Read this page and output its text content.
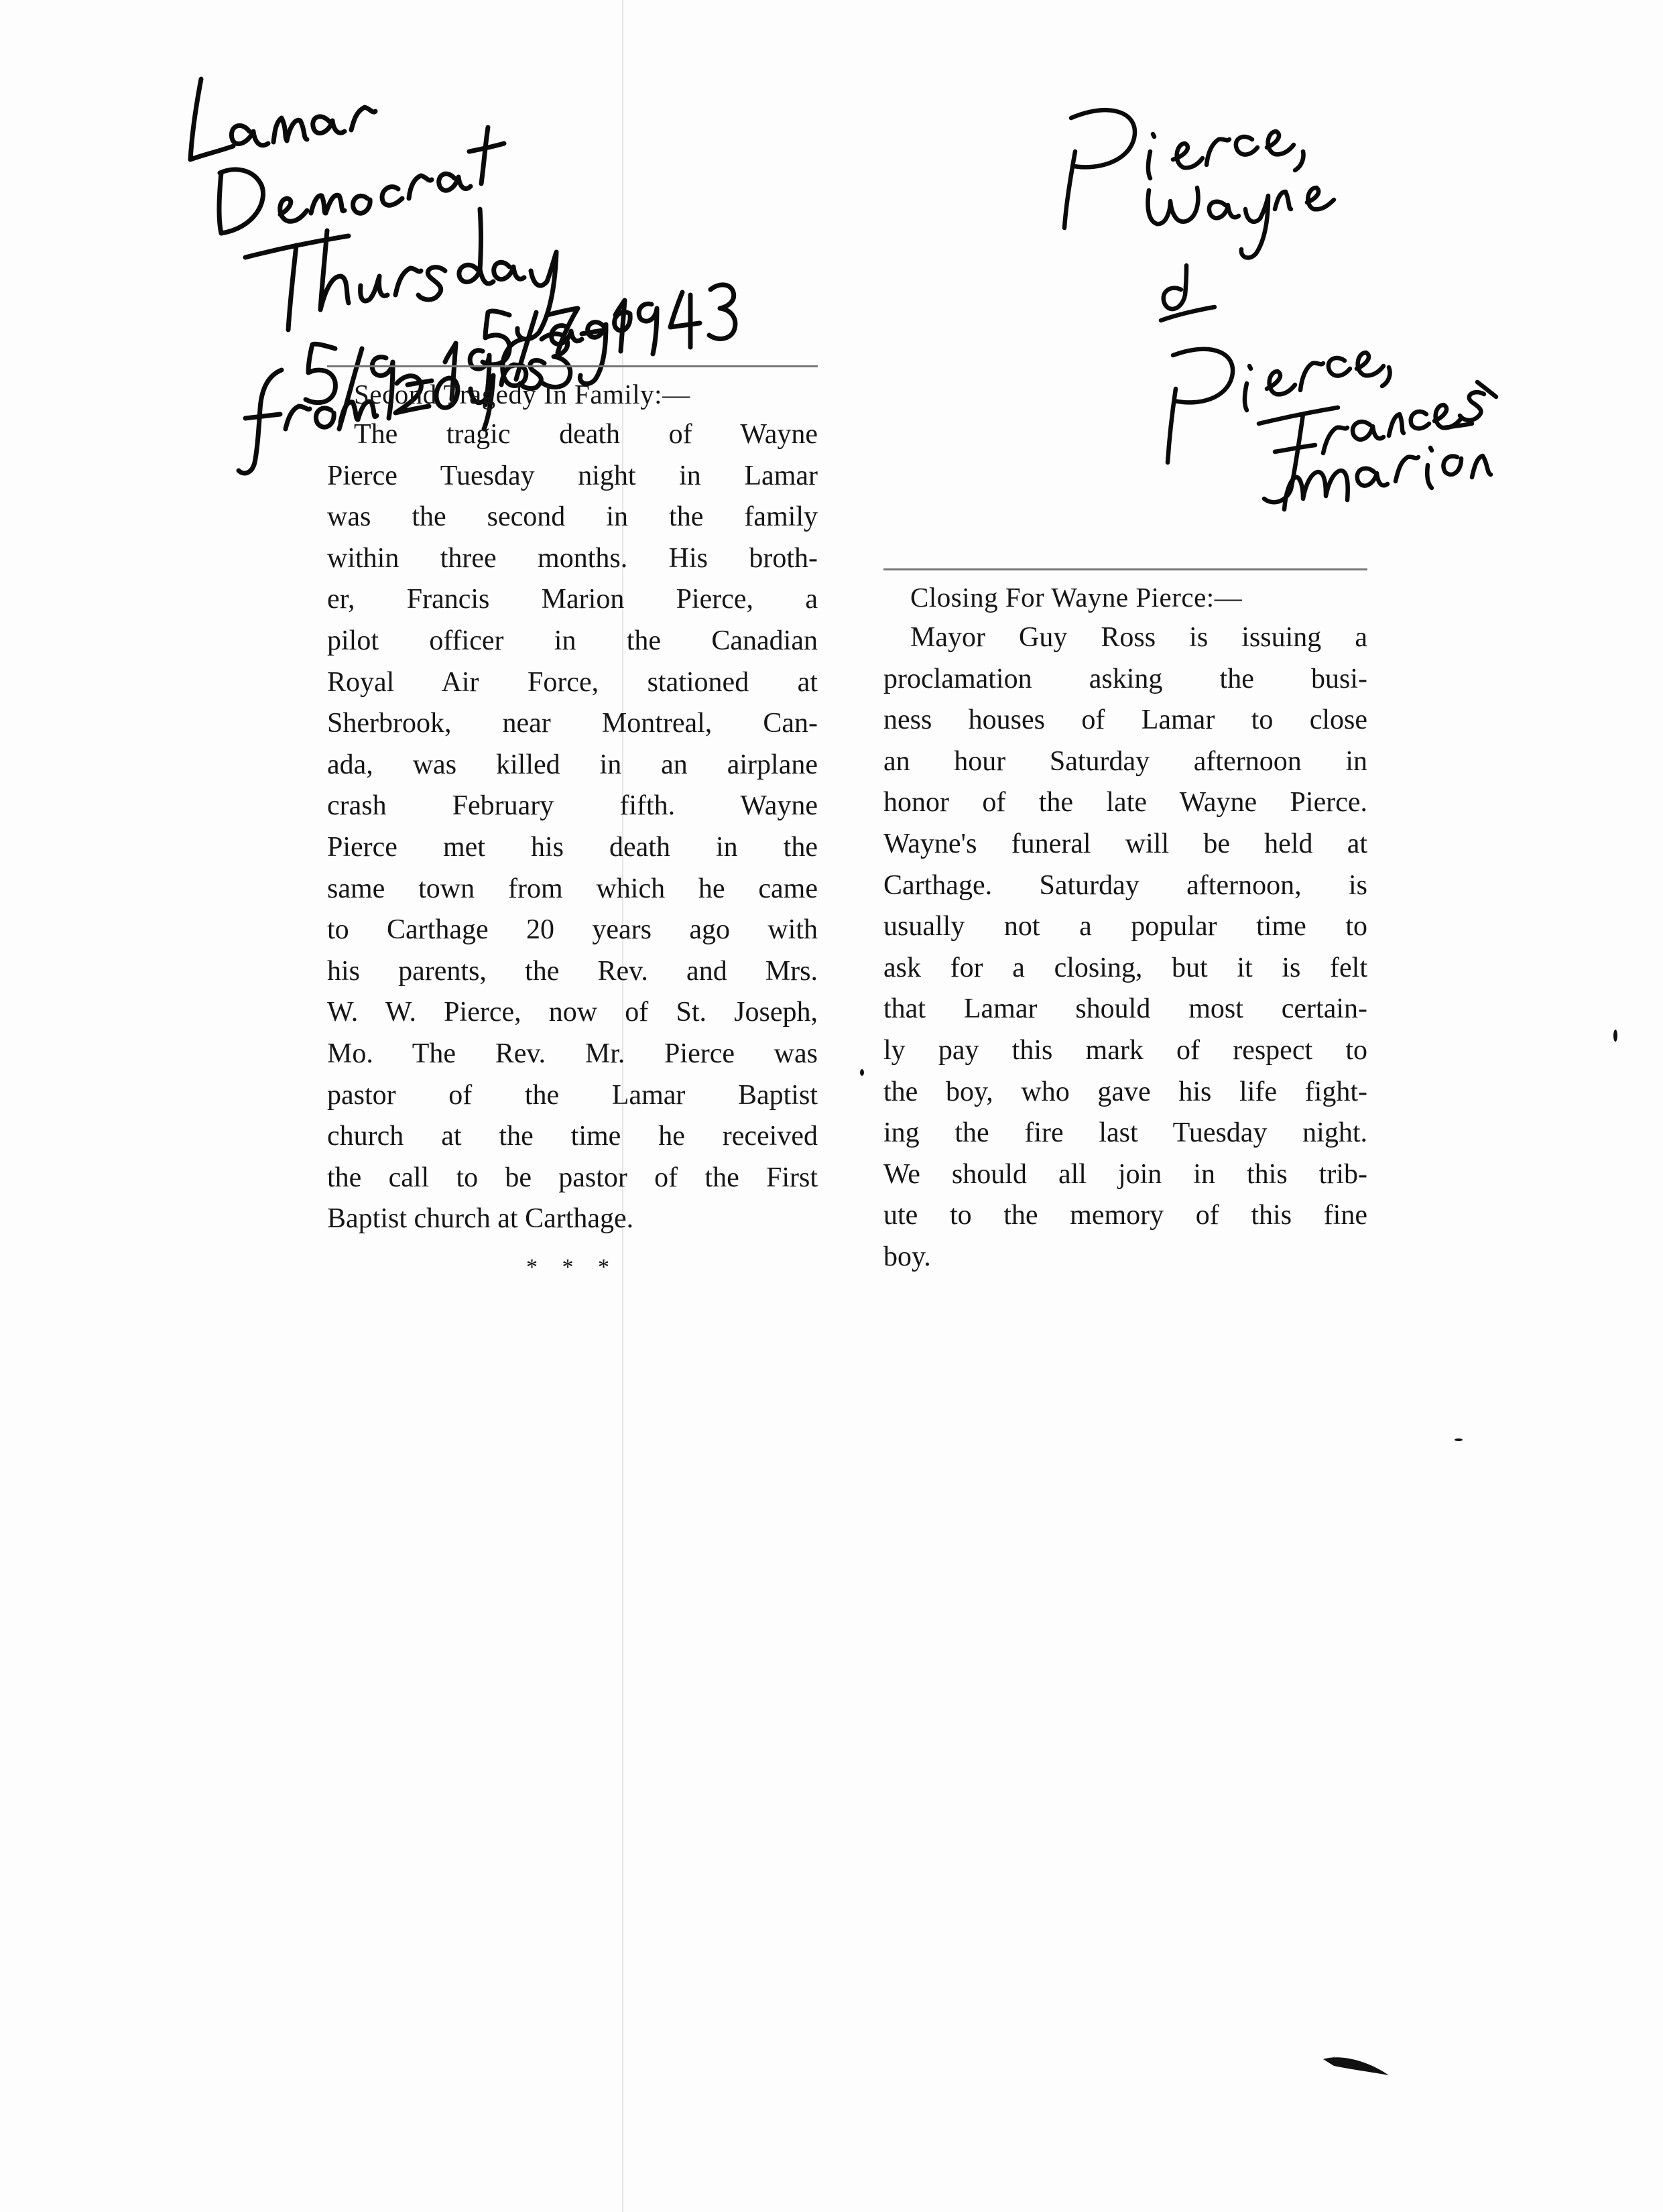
Second Tragedy In Family:—

The tragic death of Wayne

Pierce Tuesday night in Lamar

was the second in the family

within three months. His broth-

er, Francis Marion Pierce, a

pilot officer in the Canadian

Royal Air Force, stationed at

Sherbrook, near Montreal, Can-

ada, was killed in an airplane

crash February fifth. Wayne

Pierce met his death in the

same town from which he came

to Carthage 20 years ago with

his parents, the Rev. and Mrs.

W. W. Pierce, now of St. Joseph,

Mo. The Rev. Mr. Pierce was

pastor of the Lamar Baptist

church at the time he received

the call to be pastor of the First

Baptist church at Carthage.

* * *

Closing For Wayne Pierce:—

Mayor Guy Ross is issuing a

proclamation asking the busi-

ness houses of Lamar to close

an hour Saturday afternoon in

honor of the late Wayne Pierce.

Wayne's funeral will be held at

Carthage. Saturday afternoon, is

usually not a popular time to

ask for a closing, but it is felt

that Lamar should most certain-

ly pay this mark of respect to

the boy, who gave his life fight-

ing the fire last Tuesday night.

We should all join in this trib-

ute to the memory of this fine

boy.
